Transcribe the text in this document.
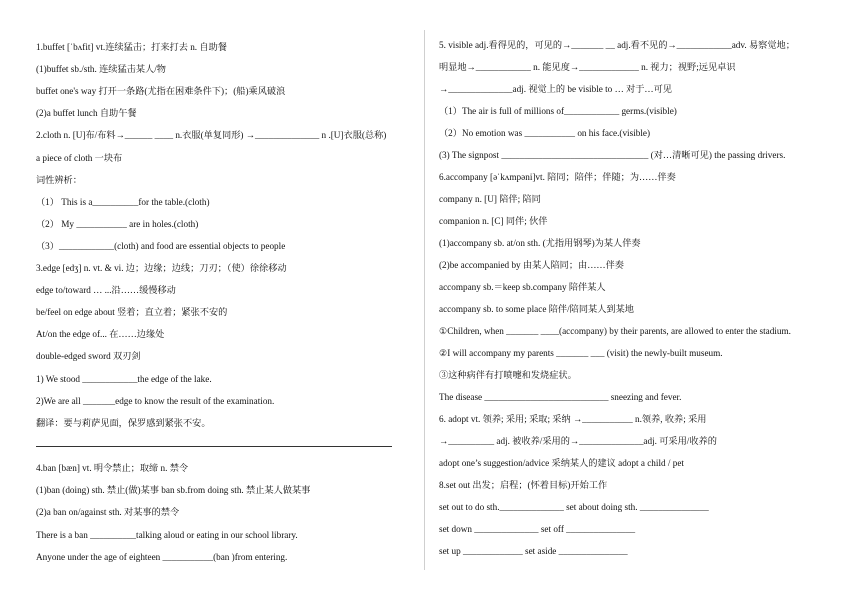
1.buffet [ˈbʌfit] vt.连续猛击；打来打去 n. 自助餐
(1)buffet sb./sth. 连续猛击某人/物
buffet one's way 打开一条路(尤指在困难条件下)；(船)乘风破浪
(2)a buffet lunch 自助午餐
2.cloth n. [U]布/布料→______ ____ n.衣服(单复同形) →______________ n .[U]衣服(总称)
a piece of cloth 一块布
词性辨析：
（1） This is a__________for the table.(cloth)
（2） My ___________ are in holes.(cloth)
（3）____________(cloth) and food are essential objects to people
3.edge [edʒ] n. vt. & vi. 边；边缘；边线；刀刃；（使）徐徐移动
edge to/toward … ...沿……缓慢移动
be/feel on edge about 竖着；直立着；紧张不安的
At/on the edge of... 在……边缘处
double-edged sword 双刃剑
1) We stood ____________the edge of the lake.
2)We are all _______edge to know the result of the examination.
翻译：要与莉萨见面，保罗感到紧张不安。
4.ban [bæn] vt. 明令禁止；取缔 n. 禁令
(1)ban (doing) sth. 禁止(做)某事 ban sb.from doing sth. 禁止某人做某事
(2)a ban on/against sth. 对某事的禁令
There is a ban __________talking aloud or eating in our school library.
Anyone under the age of eighteen ___________(ban )from entering.
5. visible adj.看得见的，可见的→_______ __ adj.看不见的→____________adv. 易察觉地；
明显地→____________ n. 能见度→_____________ n. 视力；视野;远见卓识
→______________adj. 视觉上的 be visible to … 对于…可见
（1）The air is full of millions of____________ germs.(visible)
（2）No emotion was ___________ on his face.(visible)
(3) The signpost ________________________________ (对…清晰可见) the passing drivers.
6.accompany [əˈkʌmpəni]vt. 陪同；陪伴；伴随；为……伴奏
company n. [U] 陪伴; 陪同
companion n. [C] 同伴; 伙伴
(1)accompany sb. at/on sth. (尤指用钢琴)为某人伴奏
(2)be accompanied by 由某人陪同；由……伴奏
accompany sb.＝keep sb.company 陪伴某人
accompany sb. to some place 陪伴/陪同某人到某地
①Children, when _______ ____(accompany) by their parents, are allowed to enter the stadium.
②I will accompany my parents _______ ___ (visit) the newly-built museum.
③这种病伴有打喷嚏和发烧症状。
The disease ___________________________ sneezing and fever.
6. adopt vt. 领养; 采用; 采取; 采纳 →___________ n.领养, 收养; 采用
→__________ adj. 被收养/采用的→______________adj. 可采用/收养的
adopt one’s suggestion/advice 采纳某人的建议 adopt a child / pet
8.set out 出发；启程；(怀着目标)开始工作
set out to do sth.______________ set about doing sth. _______________
set down ______________ set off _______________
set up _____________ set aside _______________
